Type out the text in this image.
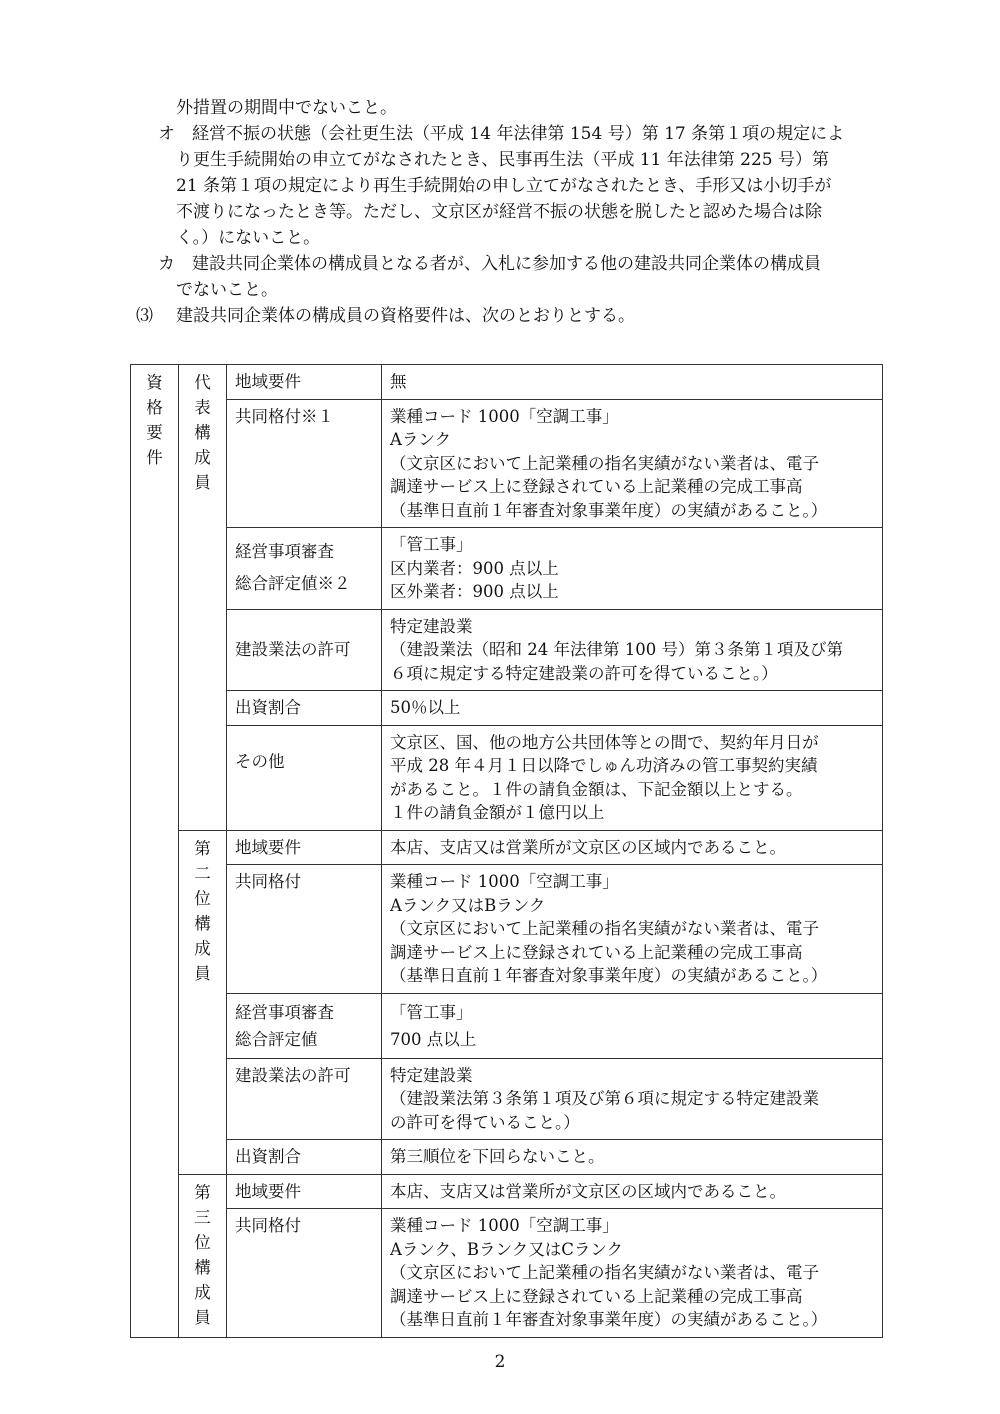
外措置の期間中でないこと。
オ 経営不振の状態（会社更生法（平成 14 年法律第 154 号）第 17 条第１項の規定によ
り更生手続開始の申立てがなされたとき、民事再生法（平成 11 年法律第 225 号）第
21 条第１項の規定により再生手続開始の申し立てがなされたとき、手形又は小切手が
不渡りになったとき等。ただし、文京区が経営不振の状態を脱したと認めた場合は除
く。）にないこと。
カ 建設共同企業体の構成員となる者が、入札に参加する他の建設共同企業体の構成員
でないこと。
⑶ 建設共同企業体の構成員の資格要件は、次のとおりとする。
資格要件	代表構成員	地域要件	無

		共同格付※１	業種コード 1000「空調工事」
Aランク
（文京区において上記業種の指名実績がない業者は、電子
調達サービス上に登録されている上記業種の完成工事高
（基準日直前１年審査対象事業年度）の実績があること。）

		経営事項審査
総合評定値※２	「管工事」
区内業者：900 点以上
区外業者：900 点以上

		建設業法の許可	特定建設業
（建設業法（昭和 24 年法律第 100 号）第３条第１項及び第
６項に規定する特定建設業の許可を得ていること。）

		出資割合	50％以上

		その他	文京区、国、他の地方公共団体等との間で、契約年月日が
平成 28 年４月１日以降でしゅん功済みの管工事契約実績
があること。１件の請負金額は、下記金額以上とする。
１件の請負金額が１億円以上

	第二位構成員	地域要件	本店、支店又は営業所が文京区の区域内であること。

		共同格付	業種コード 1000「空調工事」
Aランク又はBランク
（文京区において上記業種の指名実績がない業者は、電子
調達サービス上に登録されている上記業種の完成工事高
（基準日直前１年審査対象事業年度）の実績があること。）

		経営事項審査
総合評定値	「管工事」
700 点以上

		建設業法の許可	特定建設業
（建設業法第３条第１項及び第６項に規定する特定建設業
の許可を得ていること。）

		出資割合	第三順位を下回らないこと。

	第三位構成員	地域要件	本店、支店又は営業所が文京区の区域内であること。

		共同格付	業種コード 1000「空調工事」
Aランク、Bランク又はCランク
（文京区において上記業種の指名実績がない業者は、電子
調達サービス上に登録されている上記業種の完成工事高
（基準日直前１年審査対象事業年度）の実績があること。）
2
